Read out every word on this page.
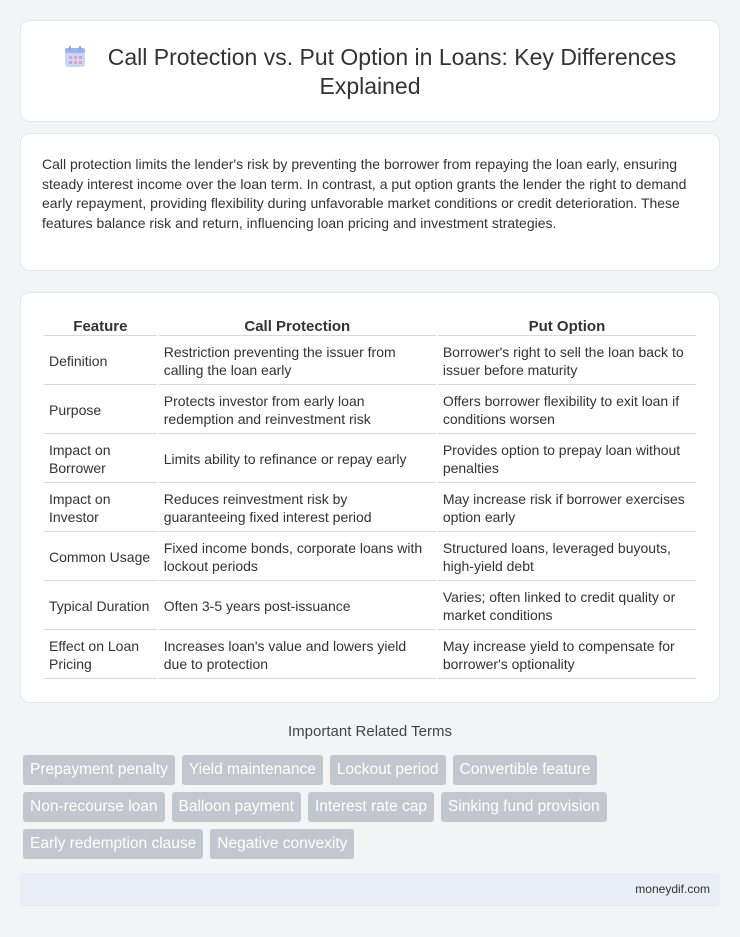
Call Protection vs. Put Option in Loans: Key Differences Explained

Call protection limits the lender's risk by preventing the borrower from repaying the loan early, ensuring steady interest income over the loan term. In contrast, a put option grants the lender the right to demand early repayment, providing flexibility during unfavorable market conditions or credit deterioration. These features balance risk and return, influencing loan pricing and investment strategies.

Feature	Call Protection	Put Option
Definition	Restriction preventing the issuer from calling the loan early	Borrower's right to sell the loan back to issuer before maturity
Purpose	Protects investor from early loan redemption and reinvestment risk	Offers borrower flexibility to exit loan if conditions worsen
Impact on Borrower	Limits ability to refinance or repay early	Provides option to prepay loan without penalties
Impact on Investor	Reduces reinvestment risk by guaranteeing fixed interest period	May increase risk if borrower exercises option early
Common Usage	Fixed income bonds, corporate loans with lockout periods	Structured loans, leveraged buyouts, high-yield debt
Typical Duration	Often 3-5 years post-issuance	Varies; often linked to credit quality or market conditions
Effect on Loan Pricing	Increases loan's value and lowers yield due to protection	May increase yield to compensate for borrower's optionality
Important Related Terms
Prepayment penalty	Yield maintenance	Lockout period	Convertible feature
Non-recourse loan	Balloon payment	Interest rate cap	Sinking fund provision
Early redemption clause	Negative convexity
moneydif.com
